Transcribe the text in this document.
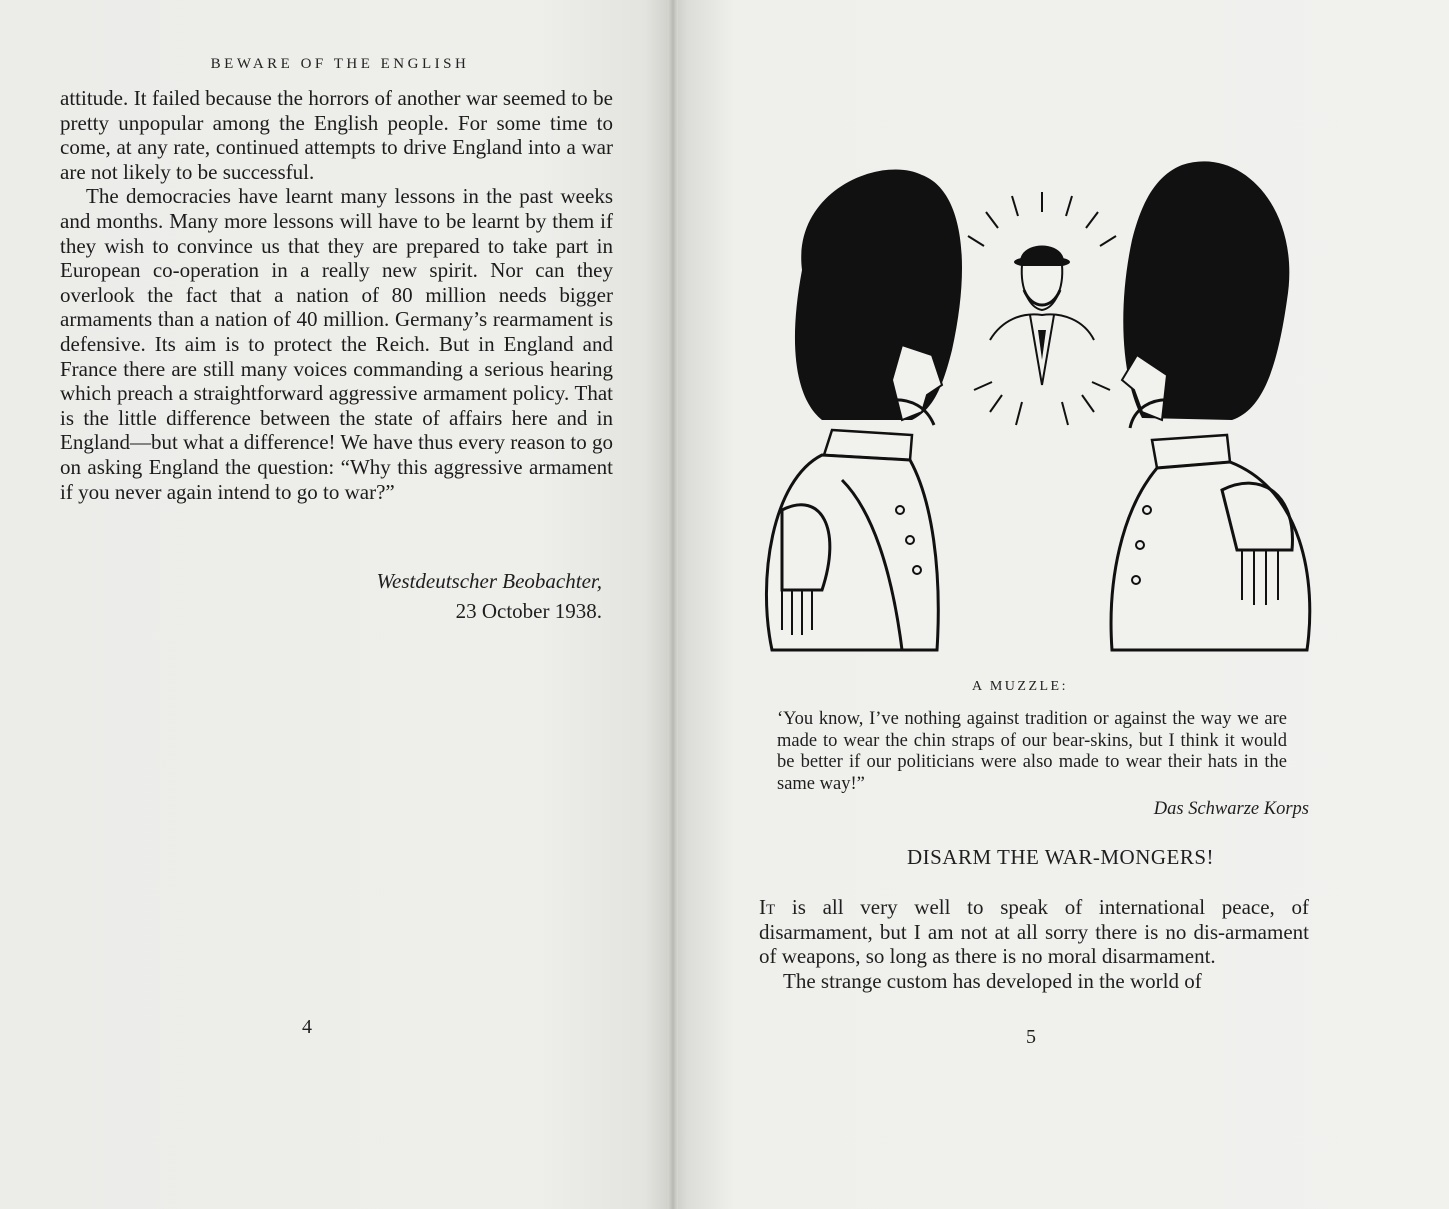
BEWARE OF THE ENGLISH

attitude. It failed because the horrors of another war seemed to be pretty unpopular among the English people. For some time to come, at any rate, continued attempts to drive England into a war are not likely to be successful.

The democracies have learnt many lessons in the past weeks and months. Many more lessons will have to be learnt by them if they wish to convince us that they are prepared to take part in European co-operation in a really new spirit. Nor can they overlook the fact that a nation of 80 million needs bigger armaments than a nation of 40 million. Germany’s rearmament is defensive. Its aim is to protect the Reich. But in England and France there are still many voices commanding a serious hearing which preach a straightforward aggressive armament policy. That is the little difference between the state of affairs here and in England—but what a difference! We have thus every reason to go on asking England the question: “Why this aggressive armament if you never again intend to go to war?”

Westdeutscher Beobachter,
23 October 1938.
4
A MUZZLE:
‘You know, I’ve nothing against tradition or against the way we are made to wear the chin straps of our bear-skins, but I think it would be better if our politicians were also made to wear their hats in the same way!”
Das Schwarze Korps
DISARM THE WAR-MONGERS!

It is all very well to speak of international peace, of disarmament, but I am not at all sorry there is no dis-armament of weapons, so long as there is no moral disarmament.

The strange custom has developed in the world of

5
